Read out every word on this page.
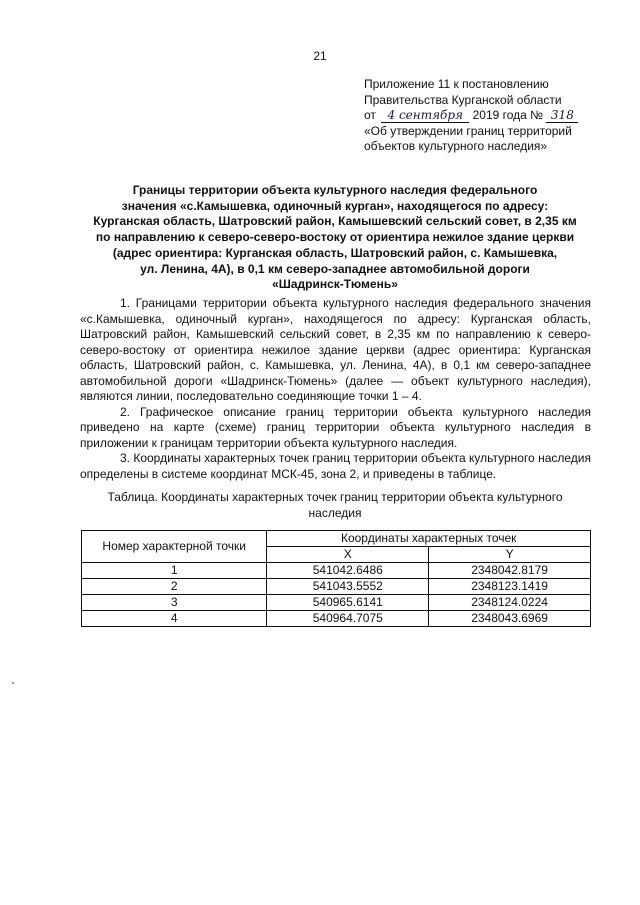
21
Приложение 11 к постановлению
Правительства Курганской области
от 4 сентября 2019 года № 318
«Об утверждении границ территорий
объектов культурного наследия»
Границы территории объекта культурного наследия федерального
значения «с.Камышевка, одиночный курган», находящегося по адресу:
Курганская область, Шатровский район, Камышевский сельский совет, в 2,35 км
по направлению к северо-северо-востоку от ориентира нежилое здание церкви
(адрес ориентира: Курганская область, Шатровский район, с. Камышевка,
ул. Ленина, 4А), в 0,1 км северо-западнее автомобильной дороги
«Шадринск-Тюмень»

1. Границами территории объекта культурного наследия федерального значения «с.Камышевка, одиночный курган», находящегося по адресу: Курганская область, Шатровский район, Камышевский сельский совет, в 2,35 км по направлению к северо-северо-востоку от ориентира нежилое здание церкви (адрес ориентира: Курганская область, Шатровский район, с. Камышевка, ул. Ленина, 4А), в 0,1 км северо-западнее автомобильной дороги «Шадринск-Тюмень» (далее — объект культурного наследия), являются линии, последовательно соединяющие точки 1 – 4.

2. Графическое описание границ территории объекта культурного наследия приведено на карте (схеме) границ территории объекта культурного наследия в приложении к границам территории объекта культурного наследия.

3. Координаты характерных точек границ территории объекта культурного наследия определены в системе координат МСК-45, зона 2, и приведены в таблице.

Таблица. Координаты характерных точек границ территории объекта культурного наследия
Номер характерной точки	Координаты характерных точек	
	X	Y
1	541042.6486	2348042.8179
2	541043.5552	2348123.1419
3	540965.6141	2348124.0224
4	540964.7075	2348043.6969
